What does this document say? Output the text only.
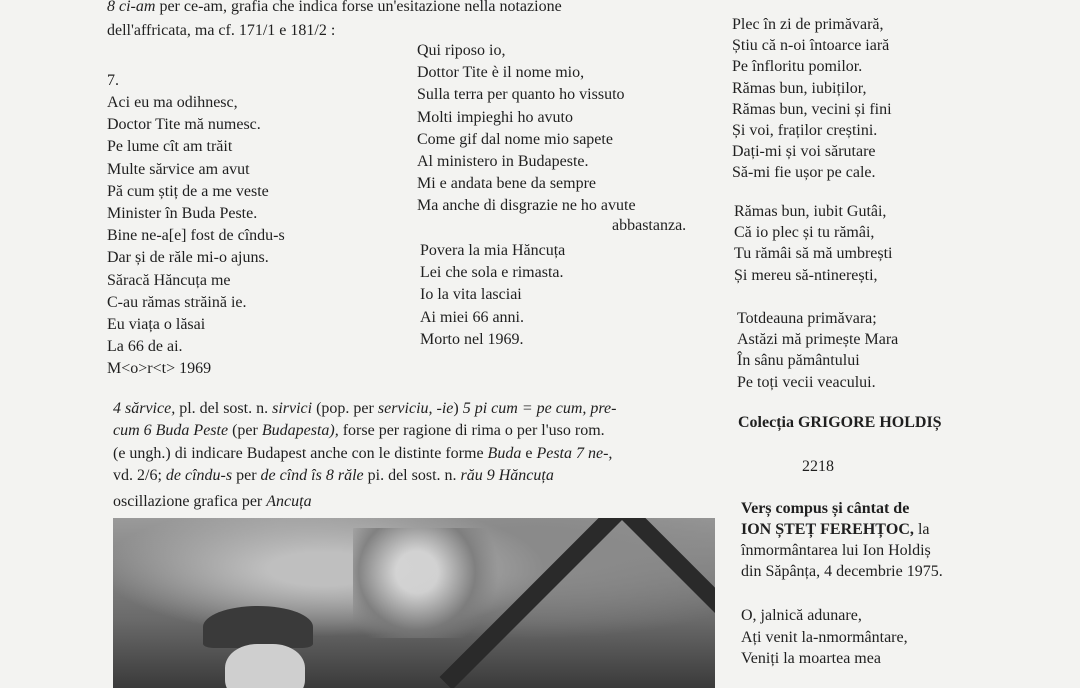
8 ci-am per ce-am, grafia che indica forse un'esitazione nella notazione
dell'affricata, ma cf. 171/1 e 181/2 :
7.
Aci eu ma odihnesc,
Doctor Tite mă numesc.
Pe lume cît am trăit
Multe sărvice am avut
Pă cum știț de a me veste
Minister în Buda Peste.
Bine ne-a[e] fost de cîndu-s
Dar și de răle mi-o ajuns.
Săracă Hăncuța me
C-au rămas străină ie.
Eu viața o lăsai
La 66 de ai.
M<o>r<t> 1969
Qui riposo io,
Dottor Tite è il nome mio,
Sulla terra per quanto ho vissuto
Molti impieghi ho avuto
Come gif dal nome mio sapete
Al ministero in Budapeste.
Mi e andata bene da sempre
Ma anche di disgrazie ne ho avute
abbastanza.
Povera la mia Hăncuța
Lei che sola e rimasta.
Io la vita lasciai
Ai miei 66 anni.
Morto nel 1969.
4 sărvice, pl. del sost. n. sirvici (pop. per serviciu, -ie) 5 pi cum = pe cum, pre-
cum 6 Buda Peste (per Budapesta), forse per ragione di rima o per l'uso rom.
(e ungh.) di indicare Budapest anche con le distinte forme Buda e Pesta 7 ne-,
vd. 2/6; de cîndu-s per de cînd îs 8 răle pi. del sost. n. rău 9 Hăncuța
oscillazione grafica per Ancuța
Plec în zi de primăvară,
Știu că n-oi întoarce iară
Pe înfloritu pomilor.
Rămas bun, iubiților,
Rămas bun, vecini și fini
Și voi, fraților creștini.
Dați-mi și voi sărutare
Să-mi fie ușor pe cale.
Rămas bun, iubit Gutâi,
Că io plec și tu rămâi,
Tu rămâi să mă umbrești
Și mereu să-ntinerești,
Totdeauna primăvara;
Astăzi mă primește Mara
În sânu pământului
Pe toți vecii veacului.
Colecția GRIGORE HOLDIȘ
2218
Verș compus și cântat de
ION ȘTEȚ FEREHȚOC, la
înmormântarea lui Ion Holdiș
din Săpânța, 4 decembrie 1975.
O, jalnică adunare,
Ați venit la-nmormântare,
Veniți la moartea mea
